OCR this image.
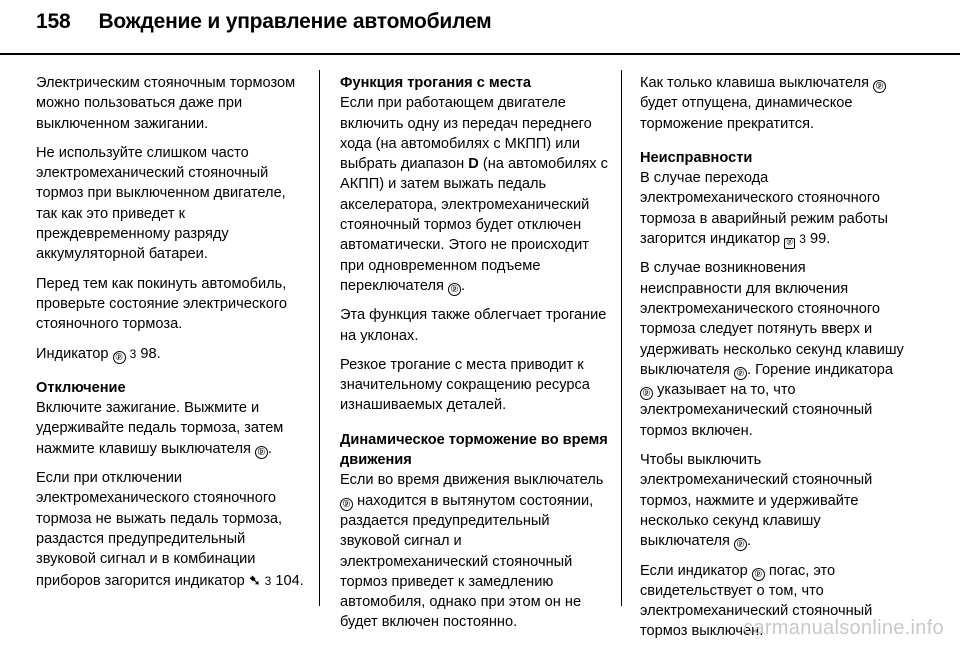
158 Вождение и управление автомобилем

Электрическим стояночным тормозом можно пользоваться даже при выключенном зажигании.

Не используйте слишком часто электромеханический стояночный тормоз при выключенном двигателе, так как это приведет к преждевременному разряду аккумуляторной батареи.

Перед тем как покинуть автомобиль, проверьте состояние электрического стояночного тормоза.

Индикатор ⓟ 3 98.

Отключение

Включите зажигание. Выжмите и удерживайте педаль тормоза, затем нажмите клавишу выключателя ⓟ .

Если при отключении электромеханического стояночного тормоза не выжать педаль тормоза, раздастся предупредительный звуковой сигнал и в комбинации приборов загорится индикатор ➷ 3 104.

Функция трогания с места

Если при работающем двигателе включить одну из передач переднего хода (на автомобилях с МКПП) или выбрать диапазон D (на автомобилях с АКПП) и затем выжать педаль акселератора, электромеханический стояночный тормоз будет отключен автоматически. Этого не происходит при одновременном подъеме переключателя ⓟ .

Эта функция также облегчает трогание на уклонах.

Резкое трогание с места приводит к значительному сокращению ресурса изнашиваемых деталей.

Динамическое торможение во время движения

Если во время движения выключатель ⓟ находится в вытянутом состоянии, раздается предупредительный звуковой сигнал и электромеханический стояночный тормоз приведет к замедлению автомобиля, однако при этом он не будет включен постоянно.

Как только клавиша выключателя ⓟ будет отпущена, динамическое торможение прекратится.

Неисправности

В случае перехода электромеханического стояночного тормоза в аварийный режим работы загорится индикатор ⓟ 3 99.

В случае возникновения неисправности для включения электромеханического стояночного тормоза следует потянуть вверх и удерживать несколько секунд клавишу выключателя ⓟ . Горение индикатора ⓟ указывает на то, что электромеханический стояночный тормоз включен.

Чтобы выключить электромеханический стояночный тормоз, нажмите и удерживайте несколько секунд клавишу выключателя ⓟ .

Если индикатор ⓟ погас, это свидетельствует о том, что электромеханический стояночный тормоз выключен.

carmanualsonline.info
